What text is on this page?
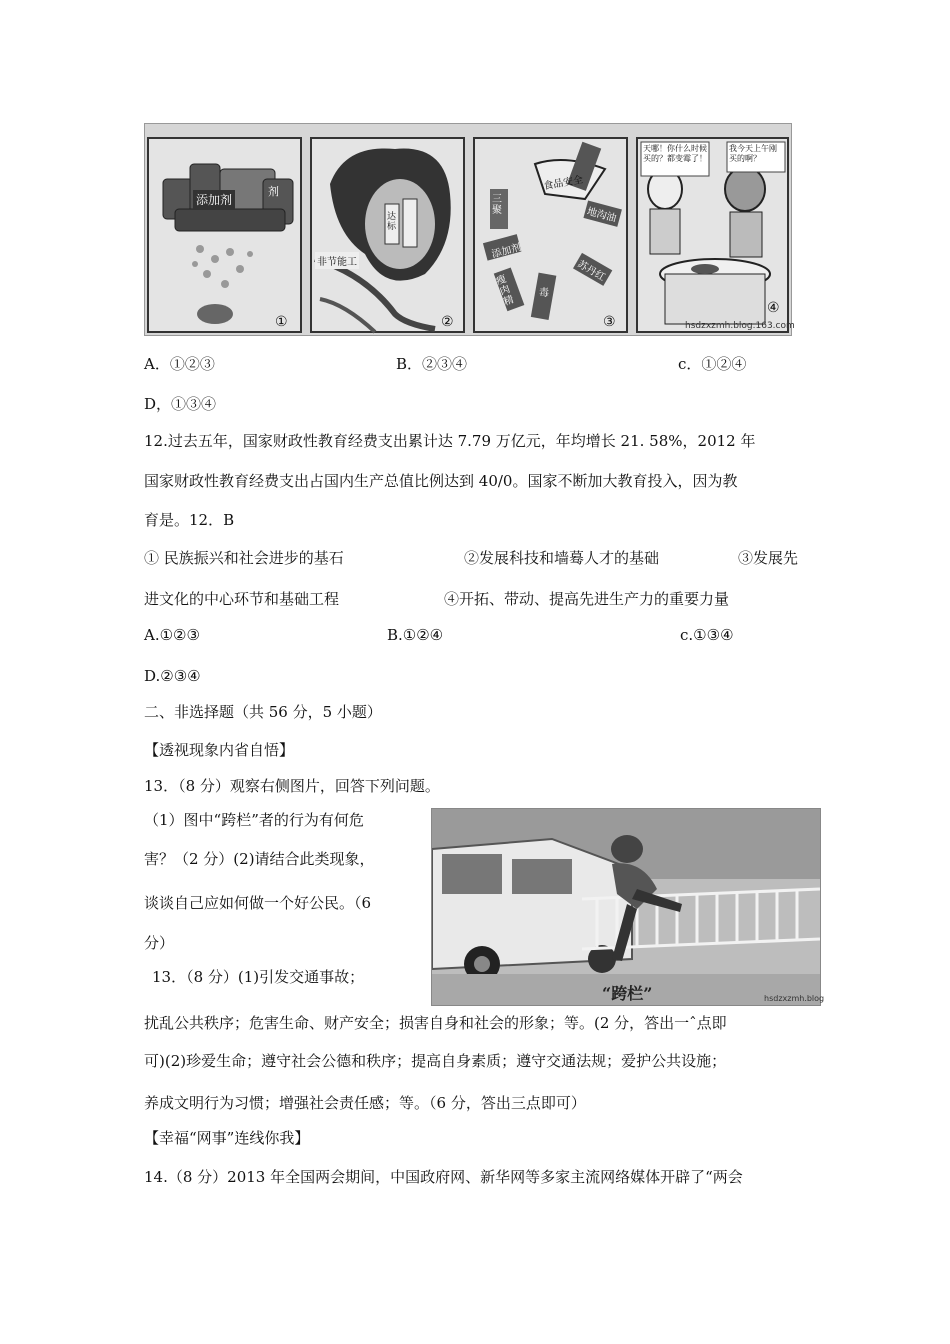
添加剂
剂
非节能工
达标
食品安全
添加剂
瘦肉精
苏丹红
地沟油
三聚
毒
天哪！你什么时候买的？都变霉了！
我今天上午刚买的啊？
①	②	③
④
hsdzxzmh.blog.163.com
A．①②③	B．②③④	c．①②④
D，①③④
12.过去五年，国家财政性教育经费支出累计达 7.79 万亿元，年均增长 21. 58%，2012 年
国家财政性教育经费支出占国内生产总值比例达到 40/0。国家不断加大教育投入，因为教
育是。12．B
① 民族振兴和社会进步的基石	②发展科技和墙蓦人才的基础	③发展先
进文化的中心环节和基础工程	④开拓、带动、提高先进生产力的重要力量
A.①②③	B.①②④	c.①③④
D.②③④
二、非选择题（共 56 分，5 小题）
【透视现象内省自悟】
13．（8 分）观察右侧图片，回答下列问题。
（1）图中“跨栏”者的行为有何危
害？（2 分）(2)请结合此类现象，
谈谈自己应如何做一个好公民。（6
分）
13．（8 分）(1)引发交通事故；
扰乱公共秩序；危害生命、财产安全；损害自身和社会的形象；等。(2 分，答出一ˆ点即
可)(2)珍爱生命；遵守社会公德和秩序；提高自身素质；遵守交通法规；爱护公共设施；
养成文明行为习惯；增强社会责任感；等。（6 分，答出三点即可）
【幸福“网事”连线你我】
14.（8 分）2013 年全国两会期间，中国政府网、新华网等多家主流网络媒体开辟了“两会
“跨栏”	hsdzxzmh.blog
